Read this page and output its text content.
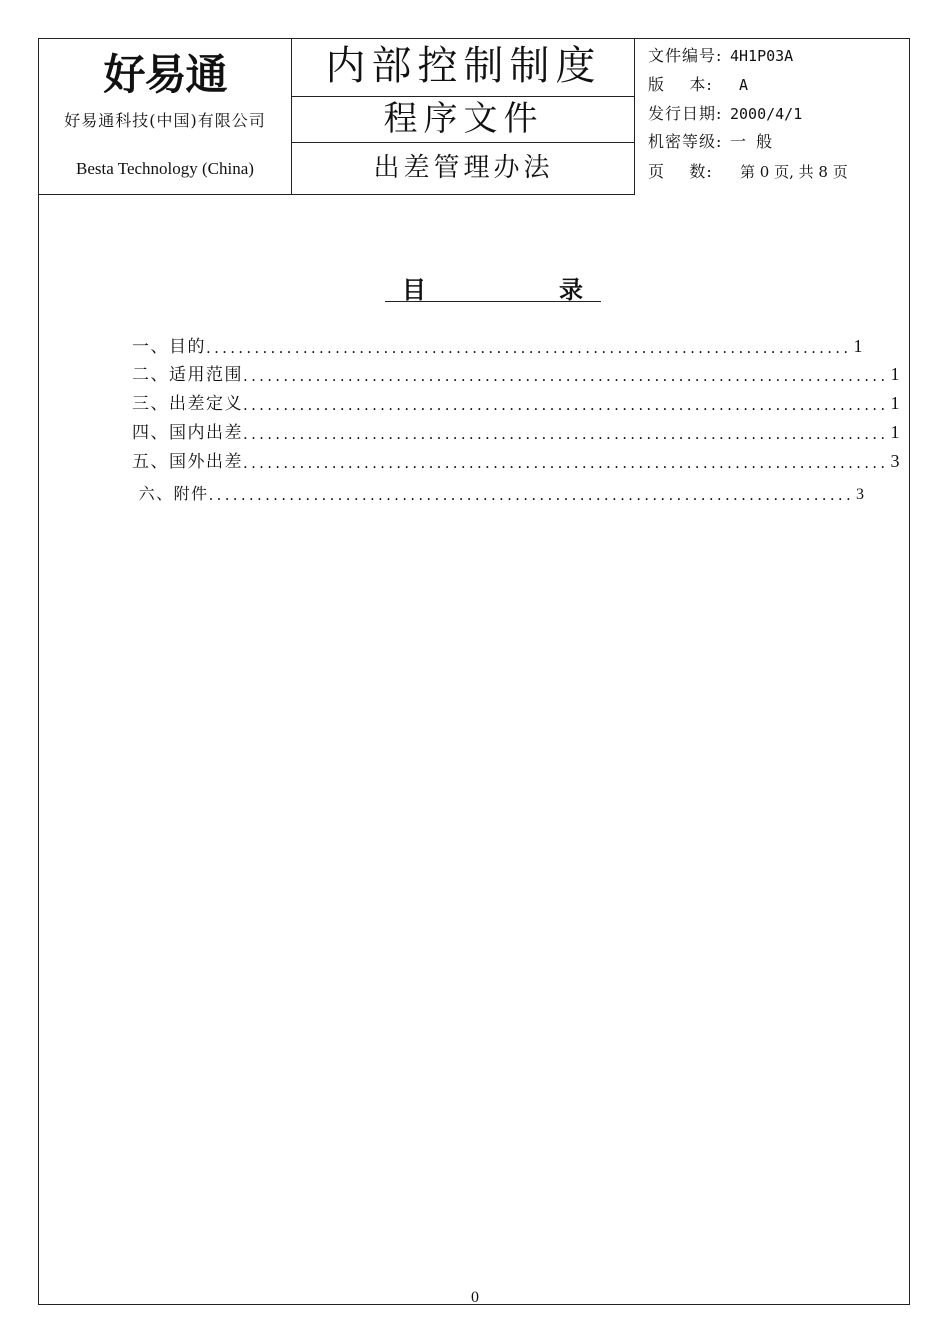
好易通
好易通科技(中国)有限公司
Besta Technology (China)
内部控制制度
程序文件
出差管理办法
文件编号: 4H1P03A
版    本: A
发行日期: 2000/4/1
机密等级: 一  般
页    数: 第 0 页, 共 8 页
目	录
一、目的 ................................................................................ 1
二、适用范围 ................................................................................ 1
三、出差定义 ................................................................................ 1
四、国内出差 ................................................................................ 1
五、国外出差 ................................................................................ 3
六、附件 ................................................................................ 3
0
